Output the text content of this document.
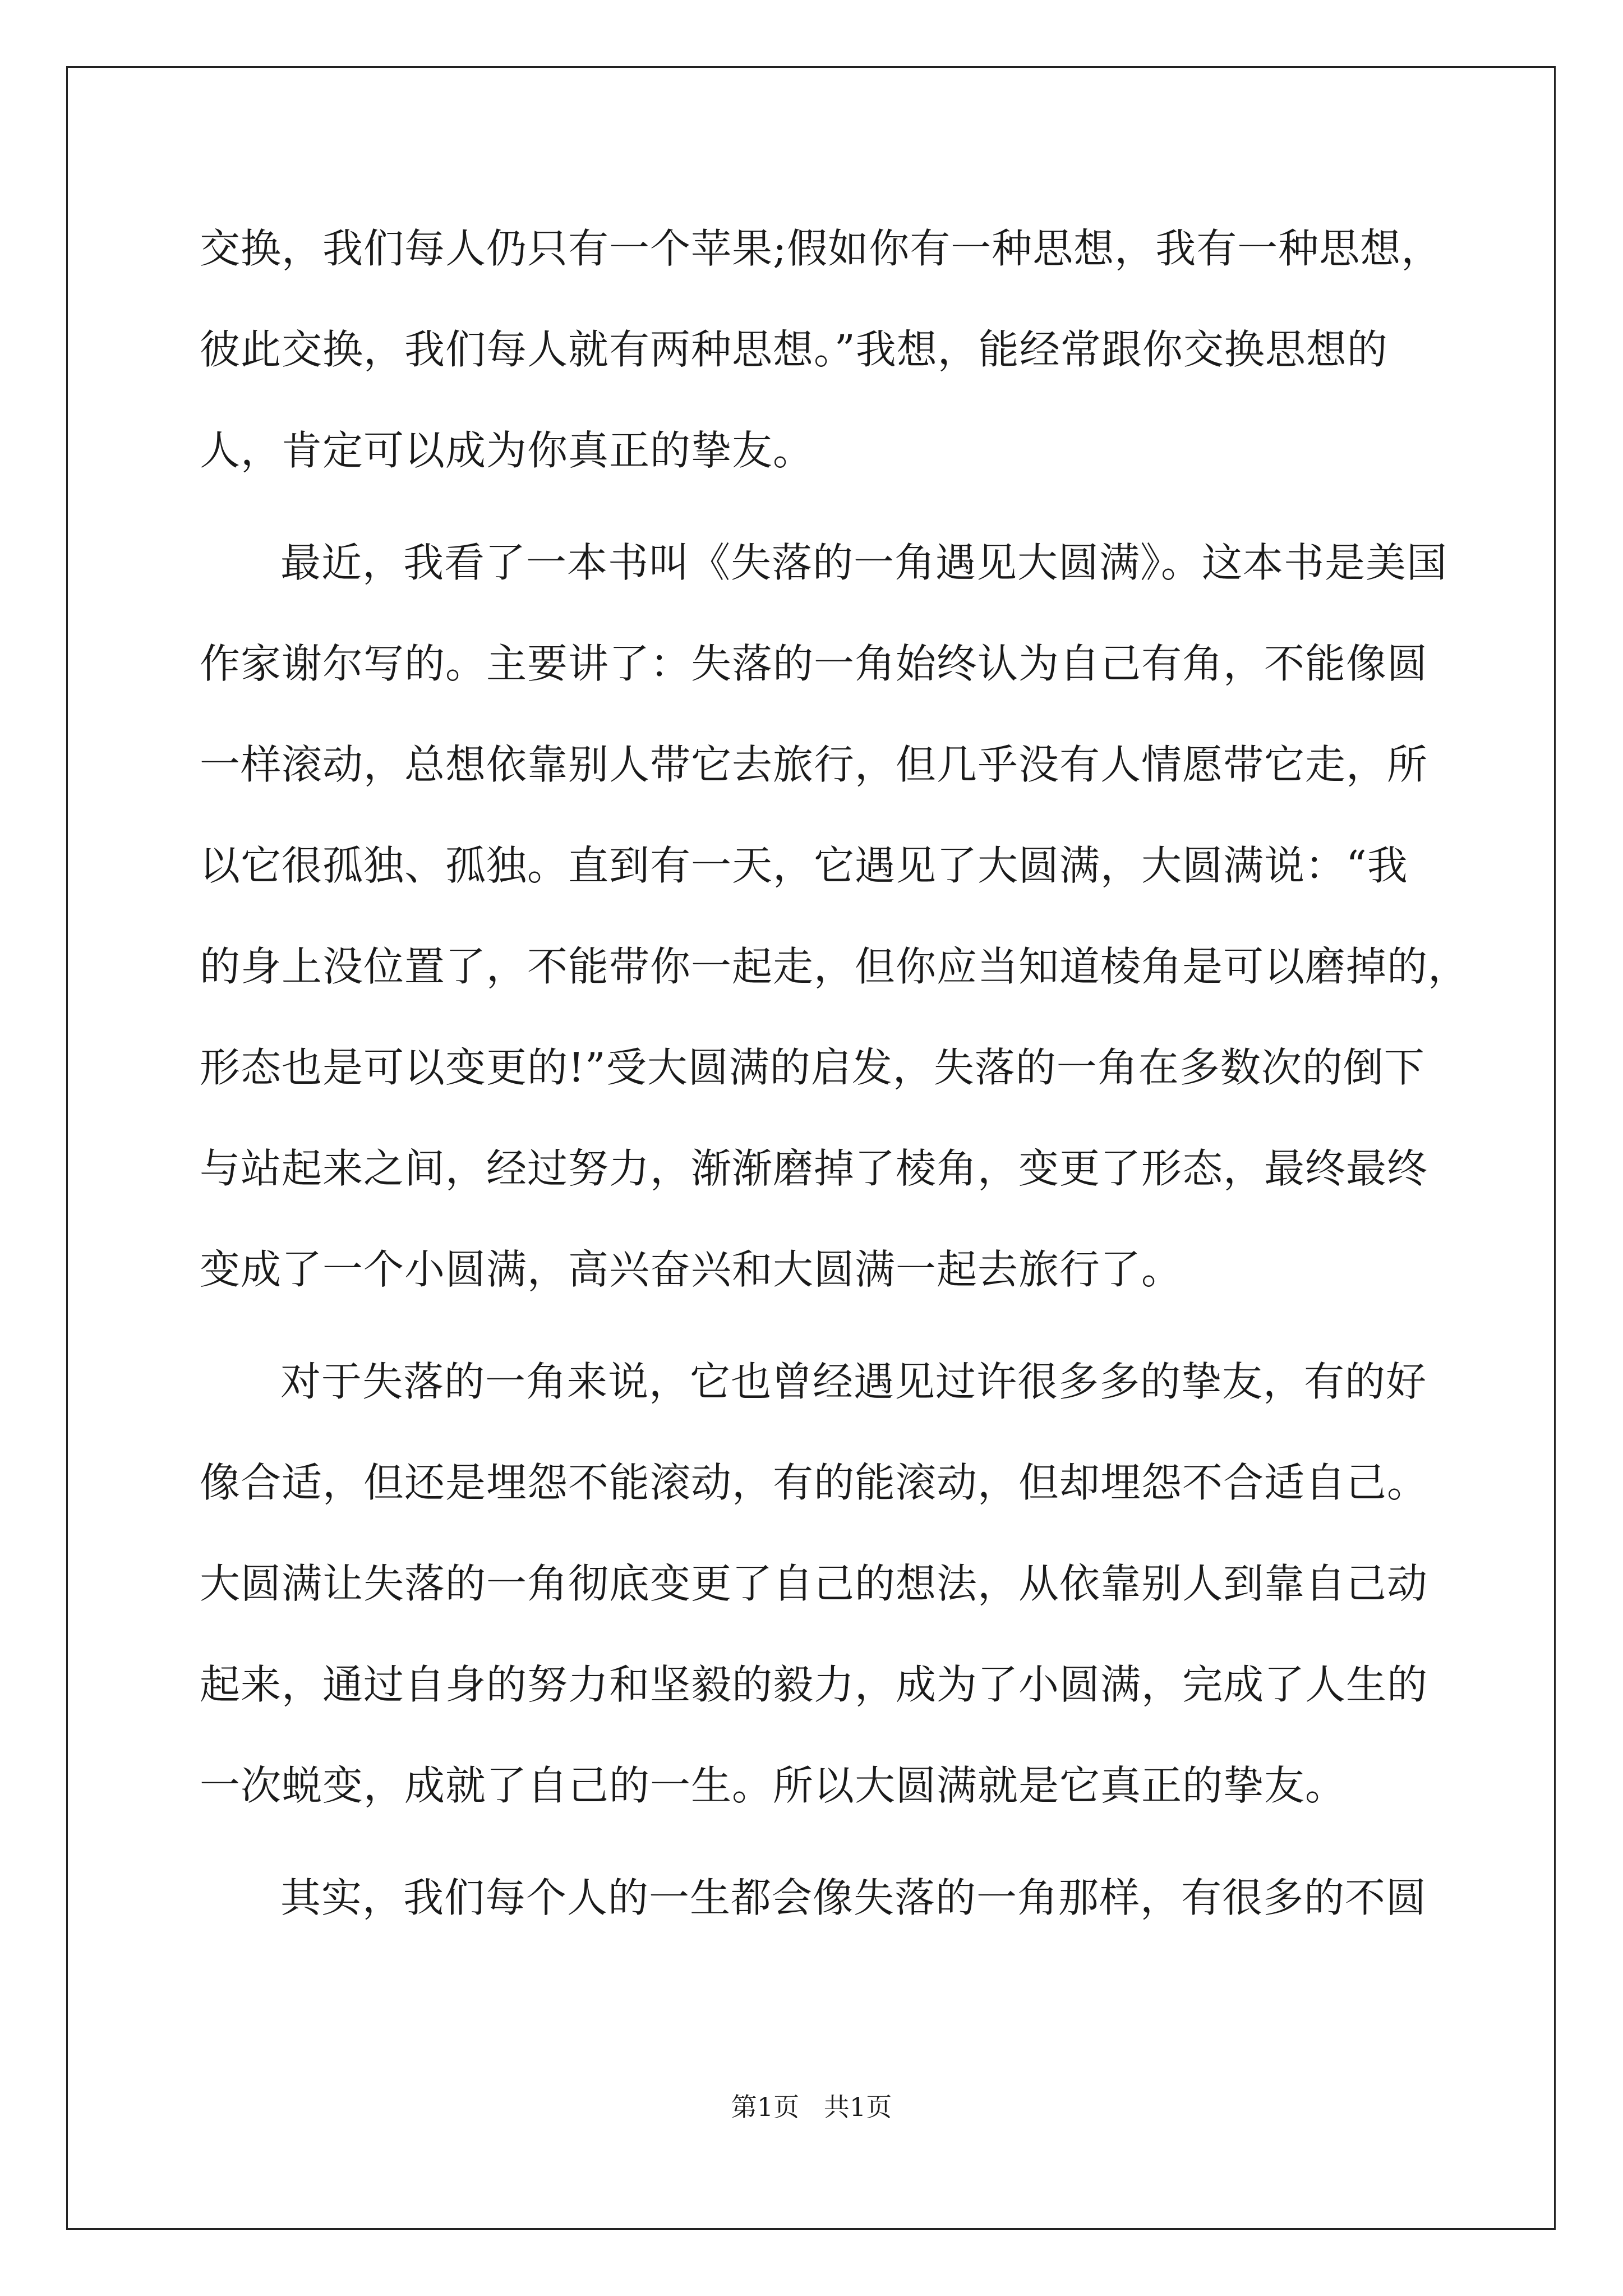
交换，我们每人仍只有一个苹果;假如你有一种思想，我有一种思想，
彼此交换，我们每人就有两种思想。”我想，能经常跟你交换思想的
人，肯定可以成为你真正的挚友。
最近，我看了一本书叫《失落的一角遇见大圆满》。这本书是美国
作家谢尔写的。主要讲了：失落的一角始终认为自己有角，不能像圆
一样滚动，总想依靠别人带它去旅行，但几乎没有人情愿带它走，所
以它很孤独、孤独。直到有一天，它遇见了大圆满，大圆满说：“我
的身上没位置了，不能带你一起走，但你应当知道棱角是可以磨掉的，
形态也是可以变更的!”受大圆满的启发，失落的一角在多数次的倒下
与站起来之间，经过努力，渐渐磨掉了棱角，变更了形态，最终最终
变成了一个小圆满，高兴奋兴和大圆满一起去旅行了。
对于失落的一角来说，它也曾经遇见过许很多多的挚友，有的好
像合适，但还是埋怨不能滚动，有的能滚动，但却埋怨不合适自己。
大圆满让失落的一角彻底变更了自己的想法，从依靠别人到靠自己动
起来，通过自身的努力和坚毅的毅力，成为了小圆满，完成了人生的
一次蜕变，成就了自己的一生。所以大圆满就是它真正的挚友。
其实，我们每个人的一生都会像失落的一角那样，有很多的不圆
第1页   共1页
